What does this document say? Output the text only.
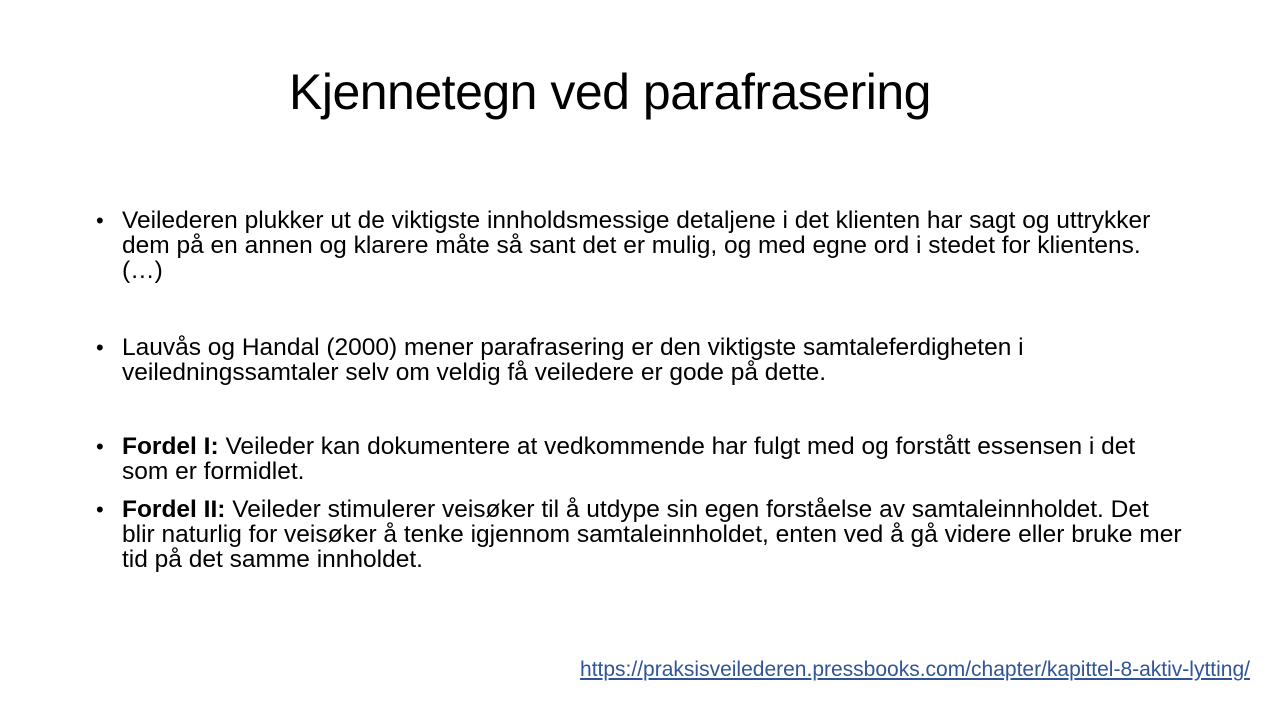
Kjennetegn ved parafrasering
• Veilederen plukker ut de viktigste innholdsmessige detaljene i det klienten har sagt og uttrykker dem på en annen og klarere måte så sant det er mulig, og med egne ord i stedet for klientens. (…)
• Lauvås og Handal (2000) mener parafrasering er den viktigste samtaleferdigheten i veiledningssamtaler selv om veldig få veiledere er gode på dette.
• Fordel I: Veileder kan dokumentere at vedkommende har fulgt med og forstått essensen i det som er formidlet.
• Fordel II: Veileder stimulerer veisøker til å utdype sin egen forståelse av samtaleinnholdet. Det blir naturlig for veisøker å tenke igjennom samtaleinnholdet, enten ved å gå videre eller bruke mer tid på det samme innholdet.
https://praksisveilederen.pressbooks.com/chapter/kapittel-8-aktiv-lytting/
